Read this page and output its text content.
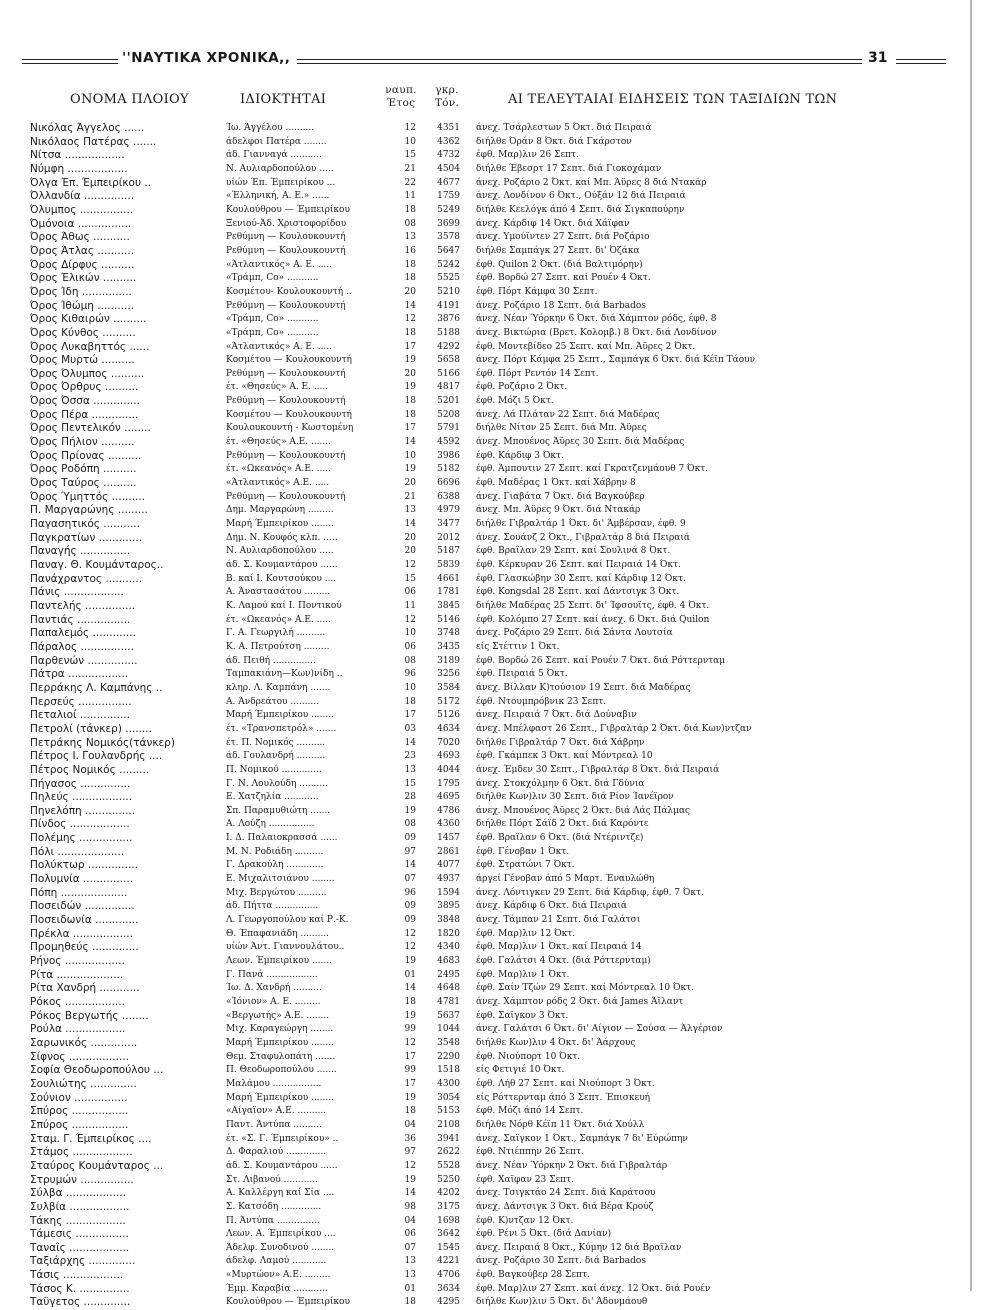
''ΝΑΥΤΙΚΑ ΧΡΟΝΙΚΑ,,	31
ΟΝΟΜΑ ΠΛΟΙΟΥ	ΙΔΙΟΚΤΗΤΑΙ
ναυπ. Έτος
γκρ. Τόν.	ΑΙ ΤΕΛΕΥΤΑΙΑΙ ΕΙΔΗΣΕΙΣ ΤΩΝ ΤΑΞΙΔΙΩΝ ΤΩΝ
Νικόλας Άγγελος ......	Ίω. Άγγέλου ..........	12	4351 άνεχ. Τσάρλεστων 5 Όκτ. διά Πειραιά
Νικόλαος Πατέρας .......	άδελφοι Πατέρα ........	10	4362 διήλθε Όράν 8 Όκτ. διά Γκάρστον
Νίτσα ..................	άδ. Γιανναγά ...........	15	4732 έφθ. Μαρ)λιν 26 Σεπτ.
Νύμφη ..................	Ν. Αυλιαρδοπούλου .....	21	4504 διήλθε Έβεσρτ 17 Σεπτ. διά Γιοκοχάμαν
Όλγα Έπ. Έμπειρίκου ..	υίών Έπ. Έμπειρίκου ...	22	4677 άνεχ. Ροζάριο 2 Όκτ. καί Μπ. Άϋρες 8 διά Ντακάρ
Όλλανδία ...............	«Έλληνική, Α. Ε.» ......	11	1759 άνεχ. Λονδίνον 6 Όκτ., Ούξάν 12 διά Πειραιά
Όλυμπος ................	Κουλούθρου — Έμπειρίκου	18	5249 διήλθε Κεελόγκ άπό 4 Σεπτ. διά Σιγκαπούρην
Όμόνοια ................	Ξενιού-Άδ. Χριστοφορίδου	08	3699 άνεχ. Κάρδιφ 14 Όκτ. διά Χάϊφαν
Όρος Άθως ...........	Ρεθύμνη — Κουλουκουντή	13	3578 άνεχ. Υμούϊντεν 27 Σεπτ. διά Ροζάριο
Όρος Άτλας ...........	Ρεθύμνη — Κουλουκουντή	16	5647 διήλθε Σαμπάγκ 27 Σεπτ. δι' Όζάκα
Όρος Δίρφυς ..........	«Άτλαντικός» Α. Ε. .....	18	5242 έφθ. Quilon 2 Όκτ. (διά Βαλτιμόρην)
Όρος Έλικών ..........	«Τράμπ, Co» ...........	18	5525 έφθ. Βορδώ 27 Σεπτ. καί Ρουέν 4 Όκτ.
Όρος Ίδη ...............	Κοσμέτου- Κουλουκουντή ..	20	5210 έφθ. Πόρτ Κάμφα 30 Σεπτ.
Όρος Ίθώμη ...........	Ρεθύμνη — Κουλουκουντή	14	4191 άνεχ. Ροζάριο 18 Σεπτ. διά Barbados
Όρος Κιθαιρών ..........	«Τράμπ, Co» ...........	12	3876 άνεχ. Νέαν Ύόρκην 6 Όκτ. διά Χάμπτον ρόδς, έφθ. 8
Όρος Κύνθος ..........	«Τράμπ, Co» ...........	18	5188 άνεχ. Βικτώρια (Βρετ. Κολομβ.) 8 Όκτ. διά Λονδίνον
Όρος Λυκαβηττός ......	«Άτλαντικός» Α. Ε. .....	17	4292 έφθ. Μοντεβίδεο 25 Σεπτ. καί Μπ. Άϋρες 2 Όκτ.
Όρος Μυρτώ ..........	Κοσμέτου — Κουλουκουντή	19	5658 άνεχ. Πόρτ Κάμφα 25 Σεπτ., Σαμπάγκ 6 Όκτ. διά Κέϊπ Τάουν
Όρος Όλυμπος ..........	Ρεθύμνη — Κουλουκουντή	20	5166 έφθ. Πόρτ Ρεντόν 14 Σεπτ.
Όρος Όρθρυς ..........	έτ. «Θησεύς» Α. Ε. .....	19	4817 έφθ. Ροζάριο 2 Όκτ.
Όρος Όσσα ..............	Ρεθύμνη — Κουλουκουντή	18	5201 έφθ. Μόζι 5 Όκτ.
Όρος Πέρα ..............	Κοσμέτου — Κουλουκουντή	18	5208 άνεχ. Λά Πλάταν 22 Σεπτ. διά Μαδέρας
Όρος Πεντελικόν ........	Κουλουκουντή - Κωστομένη	17	5791 διήλθε Νίτον 25 Σεπτ. διά Μπ. Άϋρες
Όρος Πήλιον ..........	έτ. «Θησεύς» Α.Ε. .......	14	4592 άνεχ. Μπουένος Άϋρες 30 Σεπτ. διά Μαδέρας
Όρος Πρίονας ..........	Ρεθύμνη — Κουλουκουντή	10	3986 έφθ. Κάρδιφ 3 Όκτ.
Όρος Ροδόπη ..........	έτ. «Ωκεανός» Α.Ε. .....	19	5182 έφθ. Άμπουτιν 27 Σεπτ. καί Γκρατζενμάουθ 7 Όκτ.
Όρος Ταύρος ..........	«Άτλαντικός» Α.Ε. .....	20	6696 έφθ. Μαδέρας 1 Όκτ. καί Χάβρην 8
Όρος Ύμηττός ..........	Ρεθύμνη — Κουλουκουντή	21	6388 άνεχ. Γιαβάτα 7 Όκτ. διά Βαγκούβερ
Π. Μαργαρώνης .........	Δημ. Μαργαρώνη .........	13	4979 άνεχ. Μπ. Άϋρες 9 Όκτ. διά Ντακάρ
Παγασητικός ...........	Μαρή Έμπειρίκου ........	14	3477 διήλθε Γιβραλτάρ 1 Όκτ. δι' Άμβέρσαν, έφθ. 9
Παγκρατίων .............	Δημ. Ν. Κουφός κλπ. .....	20	2012 άνεχ. Σουάνζ 2 Όκτ., Γιβραλτάρ 8 διά Πειραιά
Παναγής ...............	Ν. Αυλιαρδοπούλου .....	20	5187 έφθ. Βραΐλαν 29 Σεπτ. καί Σουλινά 8 Όκτ.
Παναγ. Θ. Κουμάνταρος..	άδ. Σ. Κουμαντάρου ......	12	5839 έφθ. Κέρκυραν 26 Σεπτ. καί Πειραιά 14 Όκτ.
Πανάχραντος ...........	Β. καί Ι. Κουτσούκου ....	15	4661 έφθ. Γλασκώβην 30 Σεπτ. καί Κάρδιφ 12 Όκτ.
Πάνις ..................	Α. Άναστασάτου .........	06	1781 έφθ. Kongsdal 28 Σεπτ. καί Δάντσιγκ 3 Όκτ.
Παντελής ...............	Κ. Λαμού καί Ι. Ποντικού	11	3845 διήλθε Μαδέρας 25 Σεπτ. δι' Ίφσουϊτς, έφθ. 4 Όκτ.
Παντιάς ................	έτ. «Ωκεανός» Α.Ε. .....	12	5146 έφθ. Κολόμπο 27 Σεπτ. καί άνεχ. 6 Όκτ. διά Quilon
Παπαλεμός .............	Γ. Α. Γεωργιλή ..........	10	3748 άνεχ. Ροζάριο 29 Σεπτ. διά Σάντα Λουτσία
Πάραλος ................	Κ. Α. Πετρούτση .........	06	3435 είς Στέττιν 1 Όκτ.
Παρθενών ...............	άδ. Πειθή ...............	08	3189 έφθ. Βορδώ 26 Σεπτ. καί Ρουέν 7 Όκτ. διά Ρόττερνταμ
Πάτρα ..................	Ταμπακιάνη—Κων)νίδη ..	96	3256 έφθ. Πειραιά 5 Όκτ.
Περράκης Λ. Καμπάνης ..	κληρ. Λ. Καμπάνη .......	10	3584 άνεχ. Βίλλαν Κ)τούσιον 19 Σεπτ. διά Μαδέρας
Περσεύς ................	Α. Άνδρεάτου ..........	18	5172 έφθ. Ντουμπρόβνικ 23 Σεπτ.
Πεταλιοί ...............	Μαρή Έμπειρίκου ........	17	5126 άνεχ. Πειραιά 7 Όκτ. διά Δούναβιν
Πετρολί (τάνκερ) ........	έτ. «Τρανσπετρόλ» .......	03	4634 άνεχ. Μπέλφαστ 26 Σεπτ., Γιβραλτάρ 2 Όκτ. διά Κων)ντζαν
Πετράκης Νομικός(τάνκερ)	έτ. Π. Νομικός ..........	14	7020 διήλθε Γιβραλτάρ 7 Όκτ. διά Χάβρην
Πέτρος Ι. Γουλανδρής ....	άδ. Γουλανδρή ..........	23	4693 έφθ. Γκάμπεκ 3 Όκτ. καί Μόντρεαλ 10
Πέτρος Νομικός .........	Π. Νομικού ..............	13	4044 άνεχ. Έμδεν 30 Σεπτ., Γιβραλτάρ 8 Όκτ. διά Πειραιά
Πήγασος ...............	Γ. Ν. Λουλούδη ..........	15	1795 άνεχ. Στοκχόλμην 6 Όκτ. διά Γδύνια
Πηλεύς ..................	Ε. Χατζηλία ............	28	4695 διήλθε Κων)λιν 30 Σεπτ. διά Ρίον Ίανέϊρον
Πηνελόπη ...............	Σπ. Παραμυθιώτη .......	19	4786 άνεχ. Μπουένος Άϋρες 2 Όκτ. διά Λάς Πάλμας
Πίνδος ..................	Α. Λούζη ................	08	4360 διήλθε Πόρτ Σάϊδ 2 Όκτ. διά Καρόντε
Πολέμης ................	Ι. Δ. Παλαιοκρασσά ......	09	1457 έφθ. Βραΐλαν 6 Όκτ. (διά Ντέριντζε)
Πόλι ....................	Μ. Ν. Ροδιάδη ..........	97	2861 έφθ. Γένοβαν 1 Όκτ.
Πολύκτωρ ...............	Γ. Δρακούλη .............	14	4077 έφθ. Στρατώνι 7 Όκτ.
Πολυμνία ...............	Ε. Μιχαλιτσιάνου ........	07	4937 άργεί Γένοβαν άπό 5 Μαρτ. Έναυλώθη
Πόπη ....................	Μιχ. Βεργώτου ..........	96	1594 άνεχ. Λόντιγκεν 29 Σεπτ. διά Κάρδιφ, έφθ. 7 Όκτ.
Ποσειδών ...............	άδ. Πήττα ...............	09	3895 άνεχ. Κάρδιφ 6 Όκτ. διά Πειραιά
Ποσειδωνία .............	Λ. Γεωργοπούλου καί Ρ.-Κ.	09	3848 άνεχ. Τάμπαν 21 Σεπτ. διά Γαλάτσι
Πρέκλα ..................	Θ. Έπαφανιάδη ..........	12	1820 έφθ. Μαρ)λιν 12 Όκτ.
Προμηθεύς ..............	υίών Άντ. Γιαννουλάτου..	12	4340 έφθ. Μαρ)λιν 1 Όκτ. καί Πειραιά 14
Ρήνος ..................	Λεων. Έμπειρίκου .......	19	4683 έφθ. Γαλάτσι 4 Όκτ. (διά Ρόττερνταμ)
Ρίτα ....................	Γ. Πανά ..................	01	2495 έφθ. Μαρ)λιν 1 Όκτ.
Ρίτα Χανδρή ............	Ίω. Δ. Χανδρή ..........	14	4648 έφθ. Σαίν Τζών 29 Σεπτ. καί Μόντρεαλ 10 Όκτ.
Ρόκος ..................	«Ίόνιον» Α. Ε. .........	18	4781 άνεχ. Χάμπτον ρόδς 2 Όκτ. διά James Άϊλαντ
Ρόκος Βεργωτής ........	«Βεργωτής» Α.Ε. ........	19	5637 έφθ. Σαΐγκον 3 Όκτ.
Ρούλα ..................	Μιχ. Καραγεώργη ........	99	1044 άνεχ. Γαλάτσι 6 Όκτ. δι' Αίγιον — Σούσα — Άλγέριον
Σαρωνικός ..............	Μαρή Έμπειρίκου ........	12	3548 διήλθε Κων)λιν 4 Όκτ. δι' Άάρχους
Σίφνος ..................	Θεμ. Σταφυλοπάτη .......	17	2290 έφθ. Νιούπορτ 10 Όκτ.
Σοφία Θεοδωροπούλου ...	Π. Θεοδωροπούλου .......	99	1518 είς Φετιγιέ 10 Όκτ.
Σουλιώτης ..............	Μαλάμου .................	17	4300 έφθ. Λήθ 27 Σεπτ. καί Νιούπορτ 3 Όκτ.
Σούνιον ................	Μαρή Έμπειρίκου ........	19	3054 είς Ρόττερνταμ άπό 3 Σεπτ. Έπισκευή
Σπύρος .................	«Αίγαΐον» Α.Ε. ..........	18	5153 έφθ. Μόζι άπό 14 Σεπτ.
Σπύρος .................	Παντ. Άντύπα ..........	04	2108 διήλθε Νόρθ Κέϊπ 11 Όκτ. διά Χούλλ
Σταμ. Γ. Έμπειρίκος ....	έτ. «Σ. Γ. Έμπειρίκου» ..	36	3941 άνεχ. Σαΐγκον 1 Όκτ., Σαμπάγκ 7 δι' Εύρώπην
Στάμος ..................	Δ. Φαραλιού ..............	97	2622 έφθ. Ντιέππην 26 Σεπτ.
Σταύρος Κουμάνταρος ...	άδ. Σ. Κουμαντάρου ......	12	5528 άνεχ. Νέαν Ύόρκην 2 Όκτ. διά Γιβραλτάρ
Στρυμών ................	Στ. Λιβανού ............	19	5250 έφθ. Χαϊφαν 23 Σεπτ.
Σύλβα ..................	Α. Καλλέργη καί Σία ....	14	4202 άνεχ. Τσιγκτάο 24 Σεπτ. διά Καράτσου
Συλβία ..................	Σ. Κατσόδη ..............	98	3175 άνεχ. Δάντσιγκ 3 Όκτ. διά Βέρα Κρούζ
Τάκης ..................	Π. Άντύπα ...............	04	1698 έφθ. Κ)ντζαν 12 Όκτ.
Τάμεσις ................	Λεων. Α. Έμπειρίκου ....	06	3642 έφθ. Ρένι 5 Όκτ. (διά Δανίαν)
Ταναΐς ..................	Άδελφ. Συνοδινού ........	07	1545 άνεχ. Πειραιά 8 Όκτ., Κύμην 12 διά Βραΐλαν
Ταξιάρχης ..............	άδελφ. Λαμού ............	13	4221 άνεχ. Ροζάριο 30 Σεπτ. διά Barbados
Τάσις ..................	«Μυρτώον» Α.Ε. .........	13	4706 έφθ. Βαγκούβερ 28 Σεπτ.
Τάσος Κ. ...............	Έμμ. Καραβία ............	01	3634 έφθ. Μαρ)λιν 27 Σεπτ. καί άνεχ. 12 Όκτ. διά Ρουέν
Ταΰγετος ..............	Κουλούθρου — Έμπειρίκου	18	4295 διήλθε Κων)λιν 5 Όκτ. δι' Άδονμάουθ
